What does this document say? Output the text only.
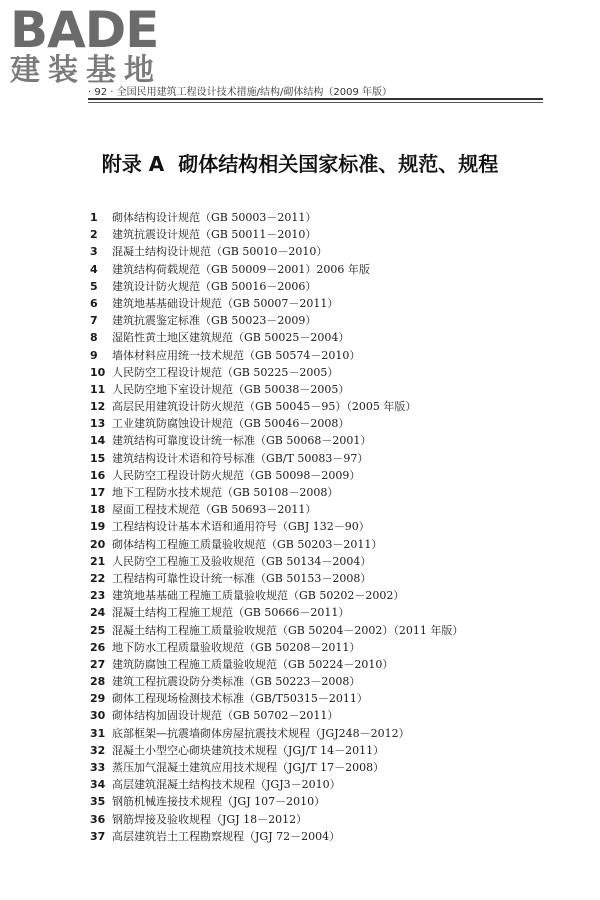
BADE
建装基地
· 92 · 全国民用建筑工程设计技术措施/结构/砌体结构（2009 年版）
附录 A 砌体结构相关国家标准、规范、规程
1 砌体结构设计规范（GB 50003－2011）
2 建筑抗震设计规范（GB 50011－2010）
3 混凝土结构设计规范（GB 50010－2010）
4 建筑结构荷载规范（GB 50009－2001）2006 年版
5 建筑设计防火规范（GB 50016－2006）
6 建筑地基基础设计规范（GB 50007－2011）
7 建筑抗震鉴定标准（GB 50023－2009）
8 湿陷性黄土地区建筑规范（GB 50025－2004）
9 墙体材料应用统一技术规范（GB 50574－2010）
10 人民防空工程设计规范（GB 50225－2005）
11 人民防空地下室设计规范（GB 50038－2005）
12 高层民用建筑设计防火规范（GB 50045－95）（2005 年版）
13 工业建筑防腐蚀设计规范（GB 50046－2008）
14 建筑结构可靠度设计统一标准（GB 50068－2001）
15 建筑结构设计术语和符号标准（GB/T 50083－97）
16 人民防空工程设计防火规范（GB 50098－2009）
17 地下工程防水技术规范（GB 50108－2008）
18 屋面工程技术规范（GB 50693－2011）
19 工程结构设计基本术语和通用符号（GBJ 132－90）
20 砌体结构工程施工质量验收规范（GB 50203－2011）
21 人民防空工程施工及验收规范（GB 50134－2004）
22 工程结构可靠性设计统一标准（GB 50153－2008）
23 建筑地基基础工程施工质量验收规范（GB 50202－2002）
24 混凝土结构工程施工规范（GB 50666－2011）
25 混凝土结构工程施工质量验收规范（GB 50204－2002）（2011 年版）
26 地下防水工程质量验收规范（GB 50208－2011）
27 建筑防腐蚀工程施工质量验收规范（GB 50224－2010）
28 建筑工程抗震设防分类标准（GB 50223－2008）
29 砌体工程现场检测技术标准（GB/T50315－2011）
30 砌体结构加固设计规范（GB 50702－2011）
31 底部框架—抗震墙砌体房屋抗震技术规程（JGJ248－2012）
32 混凝土小型空心砌块建筑技术规程（JGJ/T 14－2011）
33 蒸压加气混凝土建筑应用技术规程（JGJ/T 17－2008）
34 高层建筑混凝土结构技术规程（JGJ3－2010）
35 钢筋机械连接技术规程（JGJ 107－2010）
36 钢筋焊接及验收规程（JGJ 18－2012）
37 高层建筑岩土工程勘察规程（JGJ 72－2004）
